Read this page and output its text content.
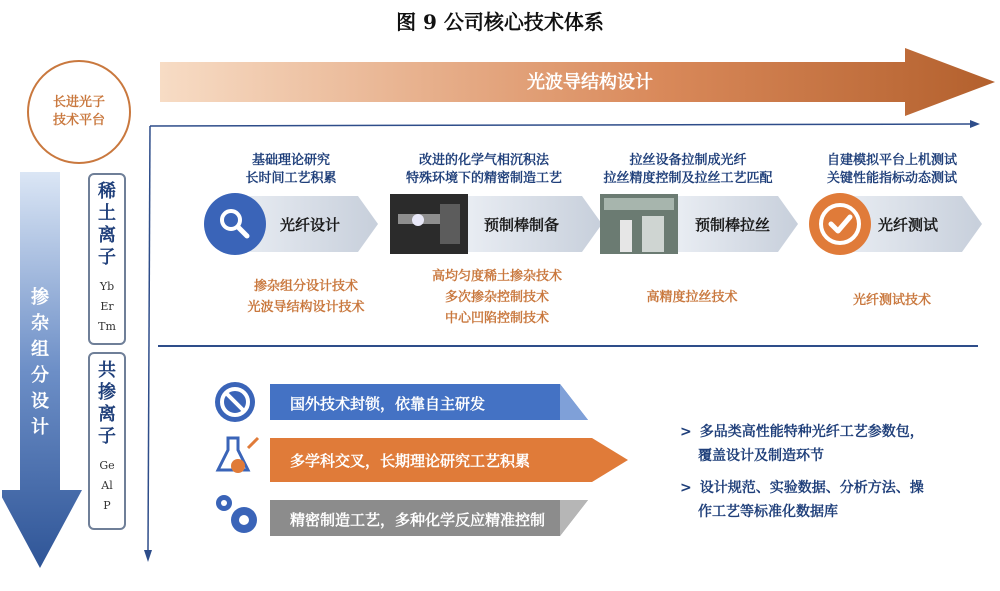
图 9 公司核心技术体系
长进光子
技术平台
光波导结构设计
掺
杂
组
分
设
计
稀
土
离
子
Yb
Er
Tm
共
掺
离
子
Ge
Al
P
基础理论研究
长时间工艺积累
改进的化学气相沉积法
特殊环境下的精密制造工艺
拉丝设备拉制成光纤
拉丝精度控制及拉丝工艺匹配
自建模拟平台上机测试
关键性能指标动态测试
光纤设计	预制棒制备	预制棒拉丝	光纤测试
掺杂组分设计技术
光波导结构设计技术
高均匀度稀土掺杂技术
多次掺杂控制技术
中心凹陷控制技术
高精度拉丝技术	光纤测试技术
国外技术封锁，依靠自主研发
多学科交叉，长期理论研究工艺积累
精密制造工艺，多种化学反应精准控制
> 多品类高性能特种光纤工艺参数包，
覆盖设计及制造环节
> 设计规范、实验数据、分析方法、操
作工艺等标准化数据库
